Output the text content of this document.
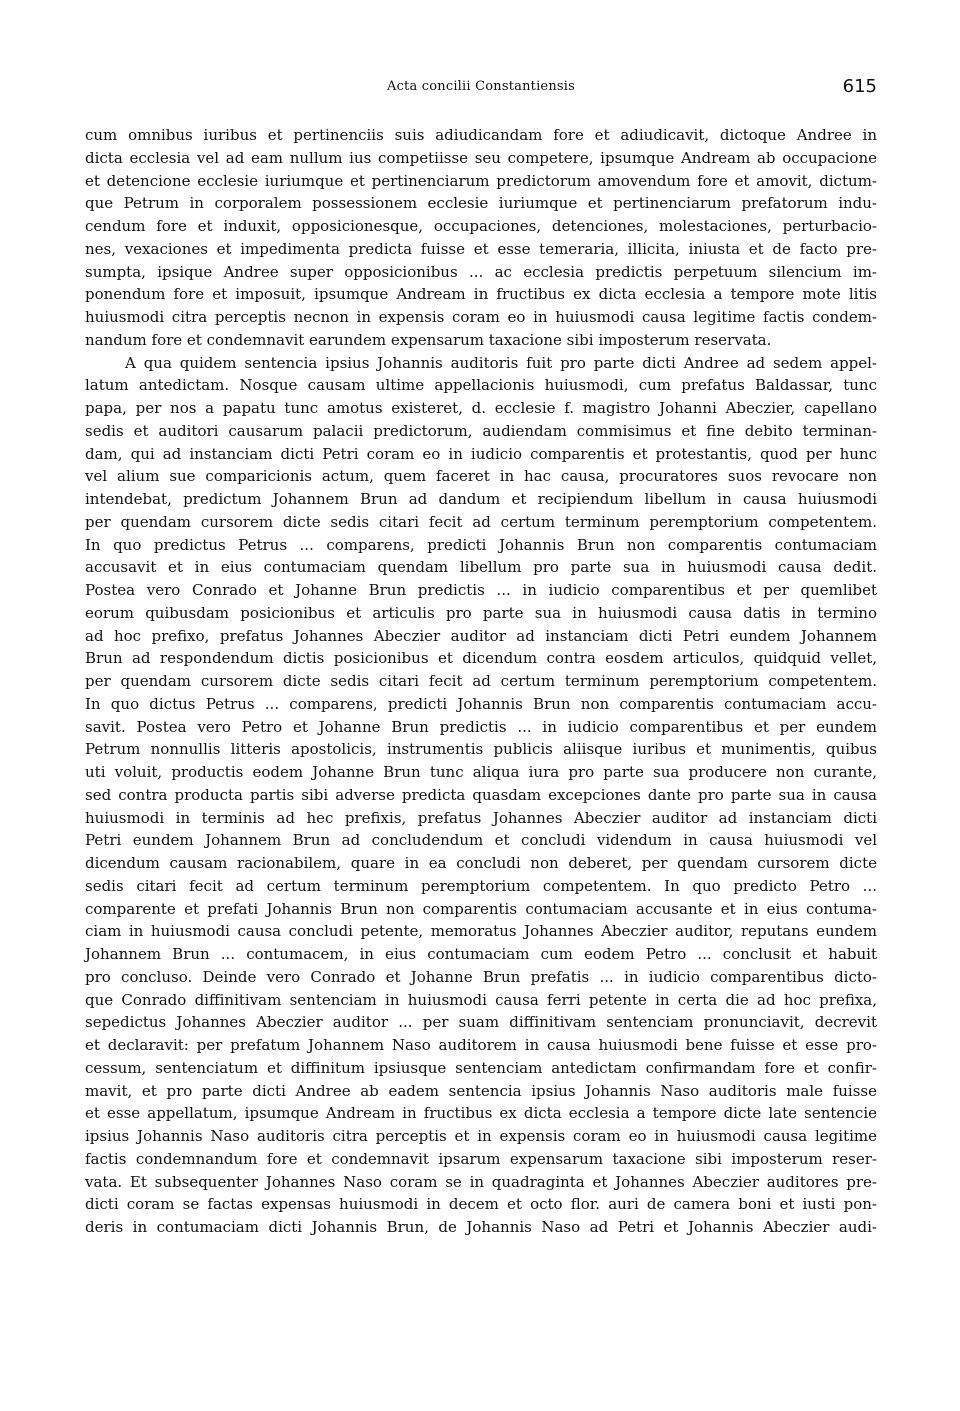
Acta concilii Constantiensis	615
cum omnibus iuribus et pertinenciis suis adiudicandam fore et adiudicavit, dictoque Andree in
dicta ecclesia vel ad eam nullum ius competiisse seu competere, ipsumque Andream ab occupacione
et detencione ecclesie iuriumque et pertinenciarum predictorum amovendum fore et amovit, dictum-
que Petrum in corporalem possessionem ecclesie iuriumque et pertinenciarum prefatorum indu-
cendum fore et induxit, opposicionesque, occupaciones, detenciones, molestaciones, perturbacio-
nes, vexaciones et impedimenta predicta fuisse et esse temeraria, illicita, iniusta et de facto pre-
sumpta, ipsique Andree super opposicionibus ... ac ecclesia predictis perpetuum silencium im-
ponendum fore et imposuit, ipsumque Andream in fructibus ex dicta ecclesia a tempore mote litis
huiusmodi citra perceptis necnon in expensis coram eo in huiusmodi causa legitime factis condem-
nandum fore et condemnavit earundem expensarum taxacione sibi imposterum reservata.
A qua quidem sentencia ipsius Johannis auditoris fuit pro parte dicti Andree ad sedem appel-
latum antedictam. Nosque causam ultime appellacionis huiusmodi, cum prefatus Baldassar, tunc
papa, per nos a papatu tunc amotus existeret, d. ecclesie f. magistro Johanni Abeczier, capellano
sedis et auditori causarum palacii predictorum, audiendam commisimus et fine debito terminan-
dam, qui ad instanciam dicti Petri coram eo in iudicio comparentis et protestantis, quod per hunc
vel alium sue comparicionis actum, quem faceret in hac causa, procuratores suos revocare non
intendebat, predictum Johannem Brun ad dandum et recipiendum libellum in causa huiusmodi
per quendam cursorem dicte sedis citari fecit ad certum terminum peremptorium competentem.
In quo predictus Petrus ... comparens, predicti Johannis Brun non comparentis contumaciam
accusavit et in eius contumaciam quendam libellum pro parte sua in huiusmodi causa dedit.
Postea vero Conrado et Johanne Brun predictis ... in iudicio comparentibus et per quemlibet
eorum quibusdam posicionibus et articulis pro parte sua in huiusmodi causa datis in termino
ad hoc prefixo, prefatus Johannes Abeczier auditor ad instanciam dicti Petri eundem Johannem
Brun ad respondendum dictis posicionibus et dicendum contra eosdem articulos, quidquid vellet,
per quendam cursorem dicte sedis citari fecit ad certum terminum peremptorium competentem.
In quo dictus Petrus ... comparens, predicti Johannis Brun non comparentis contumaciam accu-
savit. Postea vero Petro et Johanne Brun predictis ... in iudicio comparentibus et per eundem
Petrum nonnullis litteris apostolicis, instrumentis publicis aliisque iuribus et munimentis, quibus
uti voluit, productis eodem Johanne Brun tunc aliqua iura pro parte sua producere non curante,
sed contra producta partis sibi adverse predicta quasdam excepciones dante pro parte sua in causa
huiusmodi in terminis ad hec prefixis, prefatus Johannes Abeczier auditor ad instanciam dicti
Petri eundem Johannem Brun ad concludendum et concludi videndum in causa huiusmodi vel
dicendum causam racionabilem, quare in ea concludi non deberet, per quendam cursorem dicte
sedis citari fecit ad certum terminum peremptorium competentem. In quo predicto Petro ...
comparente et prefati Johannis Brun non comparentis contumaciam accusante et in eius contuma-
ciam in huiusmodi causa concludi petente, memoratus Johannes Abeczier auditor, reputans eundem
Johannem Brun ... contumacem, in eius contumaciam cum eodem Petro ... conclusit et habuit
pro concluso. Deinde vero Conrado et Johanne Brun prefatis ... in iudicio comparentibus dicto-
que Conrado diffinitivam sentenciam in huiusmodi causa ferri petente in certa die ad hoc prefixa,
sepedictus Johannes Abeczier auditor ... per suam diffinitivam sentenciam pronunciavit, decrevit
et declaravit: per prefatum Johannem Naso auditorem in causa huiusmodi bene fuisse et esse pro-
cessum, sentenciatum et diffinitum ipsiusque sentenciam antedictam confirmandam fore et confir-
mavit, et pro parte dicti Andree ab eadem sentencia ipsius Johannis Naso auditoris male fuisse
et esse appellatum, ipsumque Andream in fructibus ex dicta ecclesia a tempore dicte late sentencie
ipsius Johannis Naso auditoris citra perceptis et in expensis coram eo in huiusmodi causa legitime
factis condemnandum fore et condemnavit ipsarum expensarum taxacione sibi imposterum reser-
vata. Et subsequenter Johannes Naso coram se in quadraginta et Johannes Abeczier auditores pre-
dicti coram se factas expensas huiusmodi in decem et octo flor. auri de camera boni et iusti pon-
deris in contumaciam dicti Johannis Brun, de Johannis Naso ad Petri et Johannis Abeczier audi-
